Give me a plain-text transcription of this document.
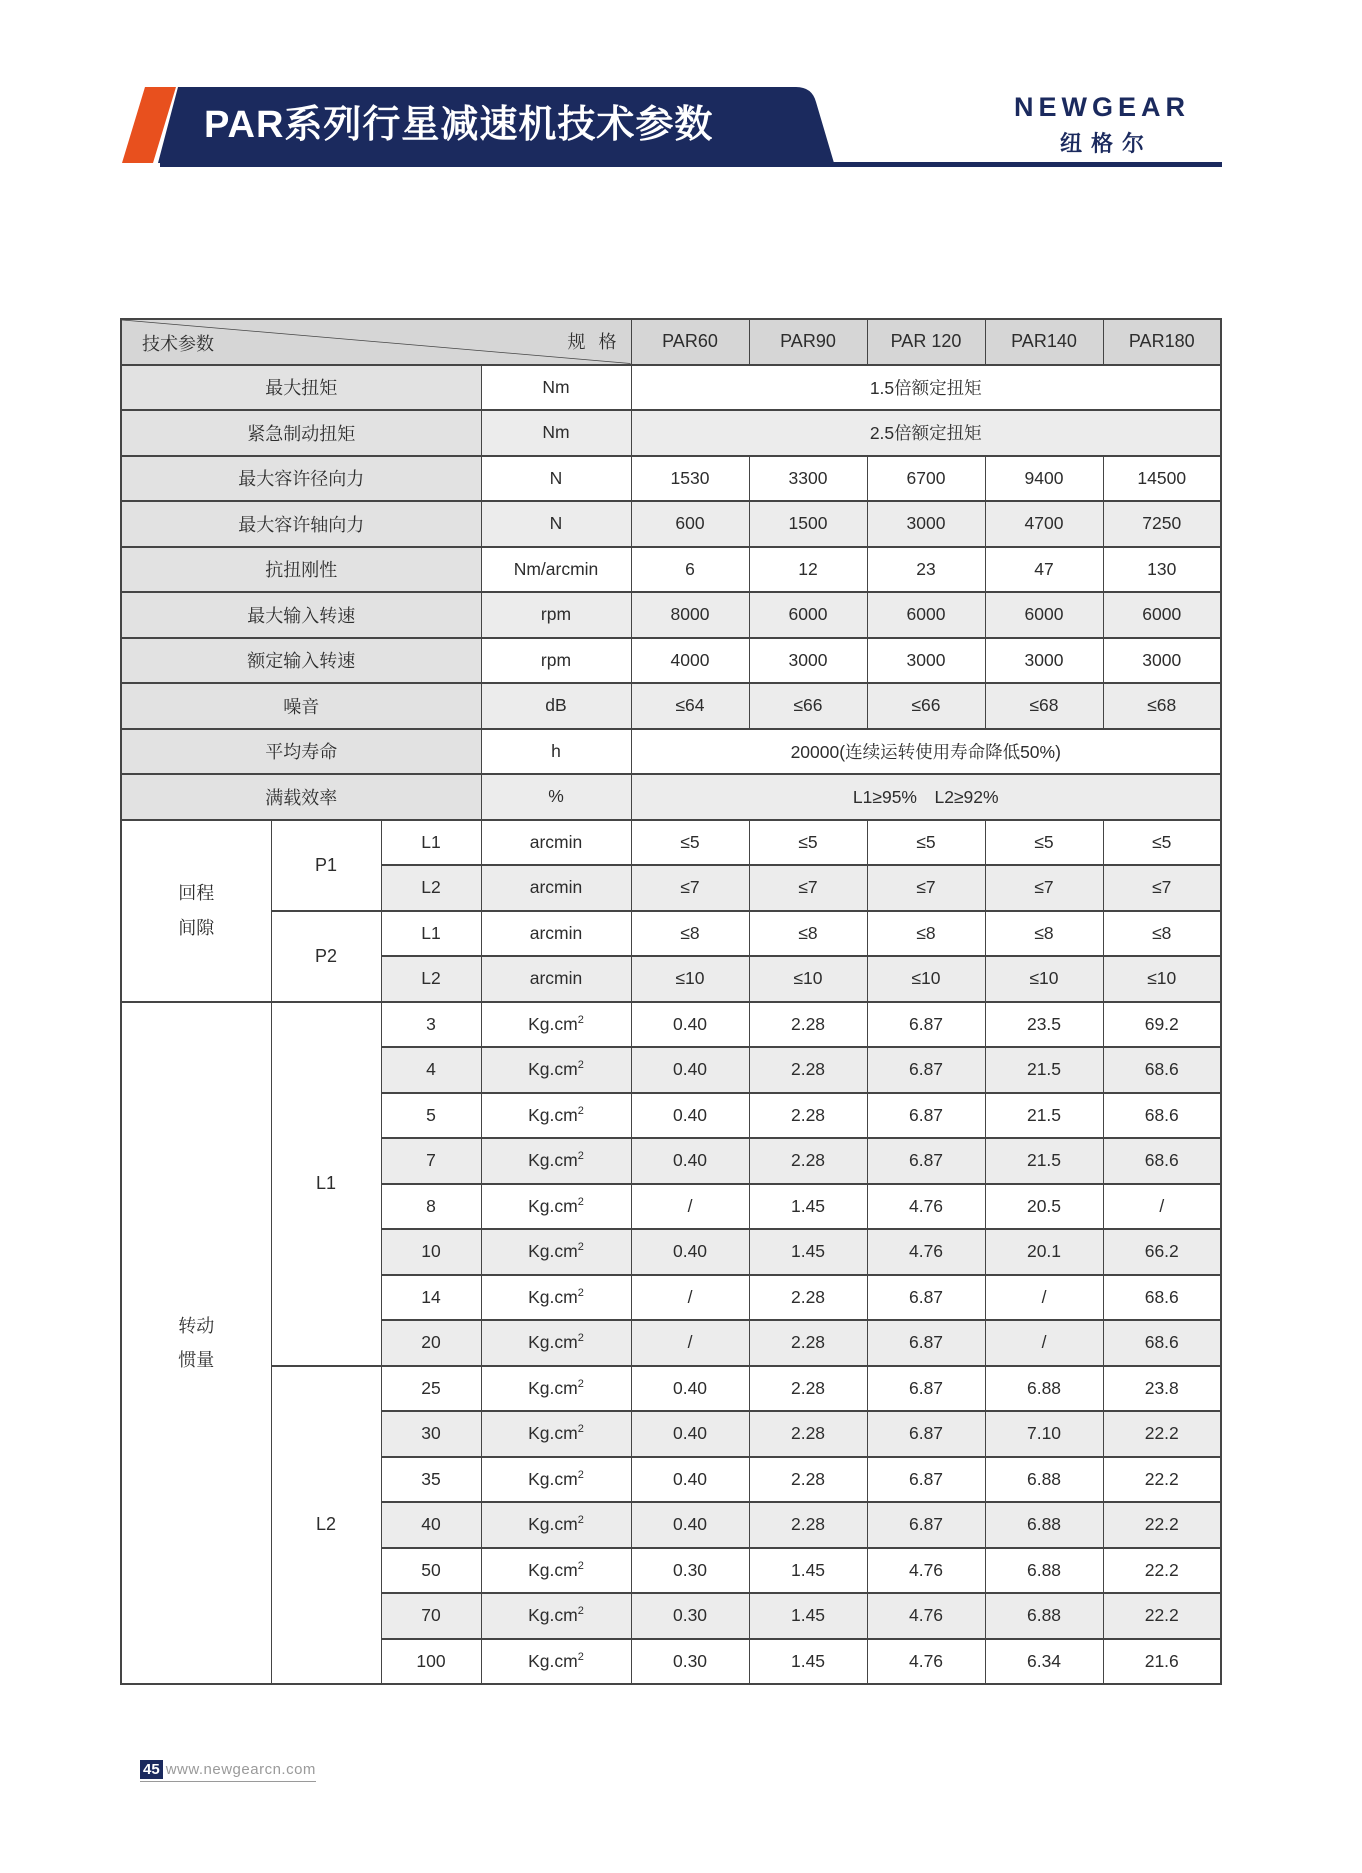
PAR系列行星减速机技术参数	NEWGEAR
纽格尔
规 格
技术参数				PAR60	PAR90	PAR 120	PAR140	PAR180
最大扭矩			Nm	1.5倍额定扭矩				
紧急制动扭矩			Nm	2.5倍额定扭矩				
最大容许径向力			N	1530	3300	6700	9400	14500
最大容许轴向力			N	600	1500	3000	4700	7250
抗扭刚性			Nm/arcmin	6	12	23	47	130
最大输入转速			rpm	8000	6000	6000	6000	6000
额定输入转速			rpm	4000	3000	3000	3000	3000
噪音			dB	≤64	≤66	≤66	≤68	≤68
平均寿命			h	20000(连续运转使用寿命降低50%)				
满载效率			%	L1≥95%　L2≥92%				

回程
间隙	P1	L1	arcmin	≤5	≤5	≤5	≤5	≤5
		L2	arcmin	≤7	≤7	≤7	≤7	≤7
	P2	L1	arcmin	≤8	≤8	≤8	≤8	≤8
		L2	arcmin	≤10	≤10	≤10	≤10	≤10

转动
惯量	L1	3	$Kg.cm^2$	0.40	2.28	6.87	23.5	69.2
		4	$Kg.cm^2$	0.40	2.28	6.87	21.5	68.6
		5	$Kg.cm^2$	0.40	2.28	6.87	21.5	68.6
		7	$Kg.cm^2$	0.40	2.28	6.87	21.5	68.6
		8	$Kg.cm^2$	/	1.45	4.76	20.5	/
		10	$Kg.cm^2$	0.40	1.45	4.76	20.1	66.2
		14	$Kg.cm^2$	/	2.28	6.87	/	68.6
		20	$Kg.cm^2$	/	2.28	6.87	/	68.6
	L2	25	$Kg.cm^2$	0.40	2.28	6.87	6.88	23.8
		30	$Kg.cm^2$	0.40	2.28	6.87	7.10	22.2
		35	$Kg.cm^2$	0.40	2.28	6.87	6.88	22.2
		40	$Kg.cm^2$	0.40	2.28	6.87	6.88	22.2
		50	$Kg.cm^2$	0.30	1.45	4.76	6.88	22.2
		70	$Kg.cm^2$	0.30	1.45	4.76	6.88	22.2
		100	$Kg.cm^2$	0.30	1.45	4.76	6.34	21.6
45 www.newgearcn.com
